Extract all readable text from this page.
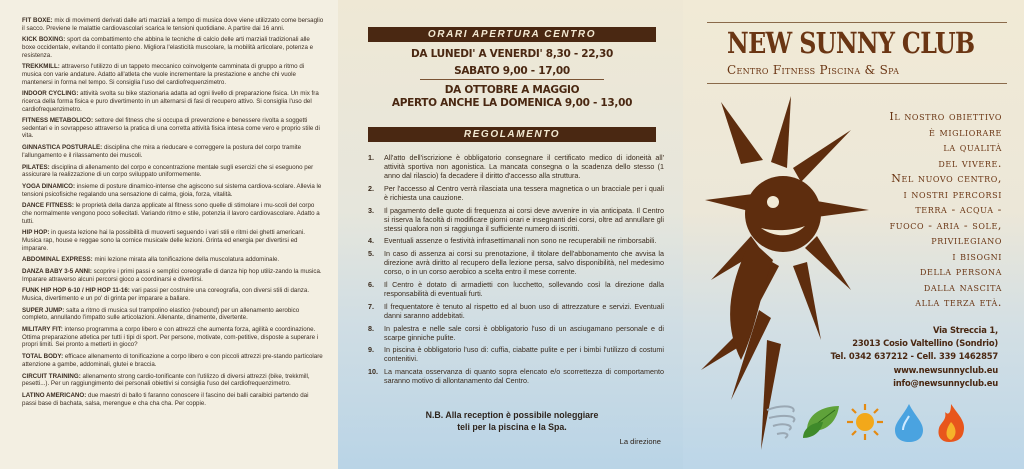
FIT BOXE: mix di movimenti derivati dalle arti marziali a tempo di musica dove viene utilizzato come bersaglio il sacco. Previene le malattie cardiovascolari scarica le tensioni quotidiane. A partire dai 16 anni.
KICK BOXING: sport da combattimento che abbina le tecniche di calcio delle arti marziali tradizionali alle boxe occidentale, evitando il contatto pieno. Migliora l'elasticità muscolare, la mobilità articolare, potenza e resistenza.
TREKKMILL: attraverso l'utilizzo di un tappeto meccanico coinvolgente camminata di gruppo a ritmo di musica con varie andature. Adatto all'atleta che vuole incrementare la prestazione e anche chi vuole mantenersi in forma nel tempo. Si consiglia l'uso del cardiofrequenzimetro.
INDOOR CYCLING: attività svolta su bike stazionaria adatta ad ogni livello di preparazione fisica. Un mix fra ricerca della forma fisica e puro divertimento in un alternarsi di fasi di recupero attivo. Si consiglia l'uso del cardiofrequenzimetro.
FITNESS METABOLICO: settore del fitness che si occupa di prevenzione e benessere rivolta a soggetti sedentari e in sovrappeso attraverso la pratica di una corretta attività fisica intesa come vero e proprio stile di vita.
GINNASTICA POSTURALE: disciplina che mira a rieducare e correggere la postura del corpo tramite l'allungamento e il rilassamento dei muscoli.
PILATES: disciplina di allenamento del corpo e concentrazione mentale sugli esercizi che si eseguono per assicurare la realizzazione di un corpo sviluppato uniformemente.
YOGA DINAMICO: insieme di posture dinamico-intense che agiscono sul sistema cardiova-scolare. Allevia le tensioni psicofisiche regalando una sensazione di calma, gioia, forza, vitalità.
DANCE FITNESS: le proprietà della danza applicate al fitness sono quelle di stimolare i mu-scoli del corpo che normalmente vengono poco sollecitati. Variando ritmo e stile, potenzia il lavoro cardiovascolare. Adatto a tutti.
HIP HOP: in questa lezione hai la possibilità di muoverti seguendo i vari stili e ritmi dei ghetti americani. Musica rap, house e reggae sono la cornice musicale delle lezioni. Grinta ed energia per divertirsi ed imparare.
ABDOMINAL EXPRESS: mini lezione mirata alla tonificazione della muscolatura addominale.
DANZA BABY 3-5 ANNI: scoprire i primi passi e semplici coreografie di danza hip hop utiliz-zando la musica. Imparare attraverso alcuni percorsi gioco a coordinarsi e divertirsi.
FUNK HIP HOP 6-10 / HIP HOP 11-16: vari passi per costruire una coreografia, con diversi stili di danza. Musica, divertimento e un po' di grinta per imparare a ballare.
SUPER JUMP: salta a ritmo di musica sul trampolino elastico (rebound) per un allenamento aerobico completo, annullando l'impatto sulle articolazioni. Allenante, dinamente, divertente.
MILITARY FIT: intenso programma a corpo libero e con attrezzi che aumenta forza, agilità e coordinazione. Ottima preparazione atletica per tutti i tipi di sport. Per persone, motivate, com-petitive, disposte a superare i propri limiti. Sei pronto a metterti in gioco?
TOTAL BODY: efficace allenamento di tonificazione a corpo libero e con piccoli attrezzi pre-stando particolare attenzione a gambe, addominali, glutei e braccia.
CIRCUIT TRAINING: allenamento strong cardio-tonificante con l'utilizzo di diversi attrezzi (bike, trekkmill, pesetti...). Per un raggiungimento dei personali obiettivi si consiglia l'uso del cardiofrequenzimetro.
LATINO AMERICANO: due maestri di ballo ti faranno conoscere il fascino dei balli caraibici partendo dai passi base di bachata, salsa, merengue e cha cha cha. Per coppie.
ORARI APERTURA CENTRO
DA LUNEDI' A VENERDI' 8,30 - 22,30
SABATO 9,00 - 17,00
DA OTTOBRE A MAGGIO
APERTO ANCHE LA DOMENICA 9,00 - 13,00
REGOLAMENTO
1. All'atto dell'iscrizione è obbligatorio consegnare il certificato medico di idoneità all' attività sportiva non agonistica. La mancata consegna o la scadenza dello stesso (1 anno dal rilascio) fa decadere il diritto d'accesso alla struttura.
2. Per l'accesso al Centro verrà rilasciata una tessera magnetica o un bracciale per i quali è richiesta una cauzione.
3. Il pagamento delle quote di frequenza ai corsi deve avvenire in via anticipata. Il Centro si riserva la facoltà di modificare giorni orari e insegnanti dei corsi, oltre ad annullare gli stessi qualora non si raggiunga il sufficiente numero di iscritti.
4. Eventuali assenze o festività infrasettimanali non sono ne recuperabili ne rimborsabili.
5. In caso di assenza ai corsi su prenotazione, il titolare dell'abbonamento che avvisa la direzione avrà diritto al recupero della lezione persa, salvo disponibilità, nel medesimo corso, o in un corso aerobico a scelta entro il mese corrente.
6. Il Centro è dotato di armadietti con lucchetto, sollevando così la direzione dalla responsabilità di eventuali furti.
7. Il frequentatore è tenuto al rispetto ed al buon uso di attrezzature e servizi. Eventuali danni saranno addebitati.
8. In palestra e nelle sale corsi è obbligatorio l'uso di un asciugamano personale e di scarpe ginniche pulite.
9. In piscina è obbligatorio l'uso di: cuffia, ciabatte pulite e per i bimbi l'utilizzo di costumi contenitivi.
10. La mancata osservanza di quanto sopra elencato e/o scorrettezza di comportamento saranno motivo di allontanamento dal Centro.
N.B. Alla reception è possibile noleggiare
teli per la piscina e la Spa.
La direzione
NEW SUNNY CLUB
Centro Fitness Piscina & Spa
Il nostro obiettivo
è migliorare
la qualità
del vivere.
Nel nuovo centro,
i nostri percorsi
terra - acqua -
fuoco - aria - sole,
privilegiano
i bisogni
della persona
dalla nascita
alla terza età.
Via Streccia 1,
23013 Cosio Valtellino (Sondrio)
Tel. 0342 637212 - Cell. 339 1462857
www.newsunnyclub.eu
info@newsunnyclub.eu
